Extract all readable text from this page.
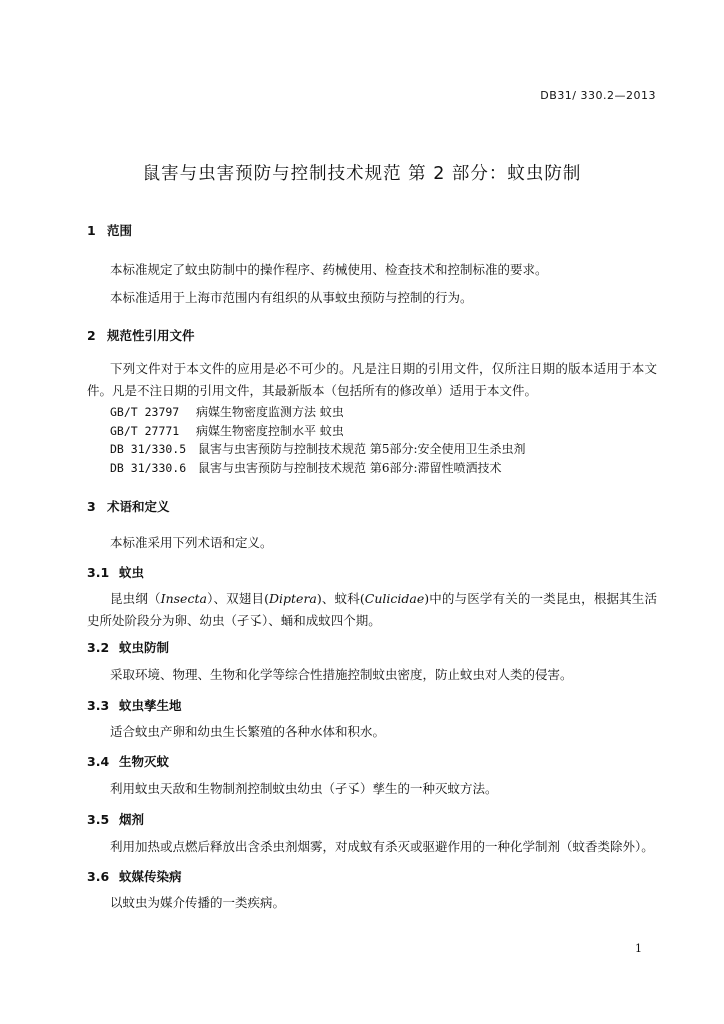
DB31/ 330.2—2013
鼠害与虫害预防与控制技术规范 第 2 部分：蚊虫防制
1 范围
本标准规定了蚊虫防制中的操作程序、药械使用、检查技术和控制标准的要求。
本标准适用于上海市范围内有组织的从事蚊虫预防与控制的行为。
2 规范性引用文件
下列文件对于本文件的应用是必不可少的。凡是注日期的引用文件，仅所注日期的版本适用于本文件。凡是不注日期的引用文件，其最新版本（包括所有的修改单）适用于本文件。
GB/T 23797 病媒生物密度监测方法 蚊虫
GB/T 27771 病媒生物密度控制水平 蚊虫
DB 31/330.5 鼠害与虫害预防与控制技术规范 第5部分:安全使用卫生杀虫剂
DB 31/330.6 鼠害与虫害预防与控制技术规范 第6部分:滞留性喷洒技术
3 术语和定义
本标准采用下列术语和定义。
3.1 蚊虫
昆虫纲（Insecta）、双翅目(Diptera)、蚊科(Culicidae)中的与医学有关的一类昆虫，根据其生活史所处阶段分为卵、幼虫（孑孓）、蛹和成蚊四个期。
3.2 蚊虫防制
采取环境、物理、生物和化学等综合性措施控制蚊虫密度，防止蚊虫对人类的侵害。
3.3 蚊虫孳生地
适合蚊虫产卵和幼虫生长繁殖的各种水体和积水。
3.4 生物灭蚊
利用蚊虫天敌和生物制剂控制蚊虫幼虫（孑孓）孳生的一种灭蚊方法。
3.5 烟剂
利用加热或点燃后释放出含杀虫剂烟雾，对成蚊有杀灭或驱避作用的一种化学制剂（蚊香类除外）。
3.6 蚊媒传染病
以蚊虫为媒介传播的一类疾病。
1
